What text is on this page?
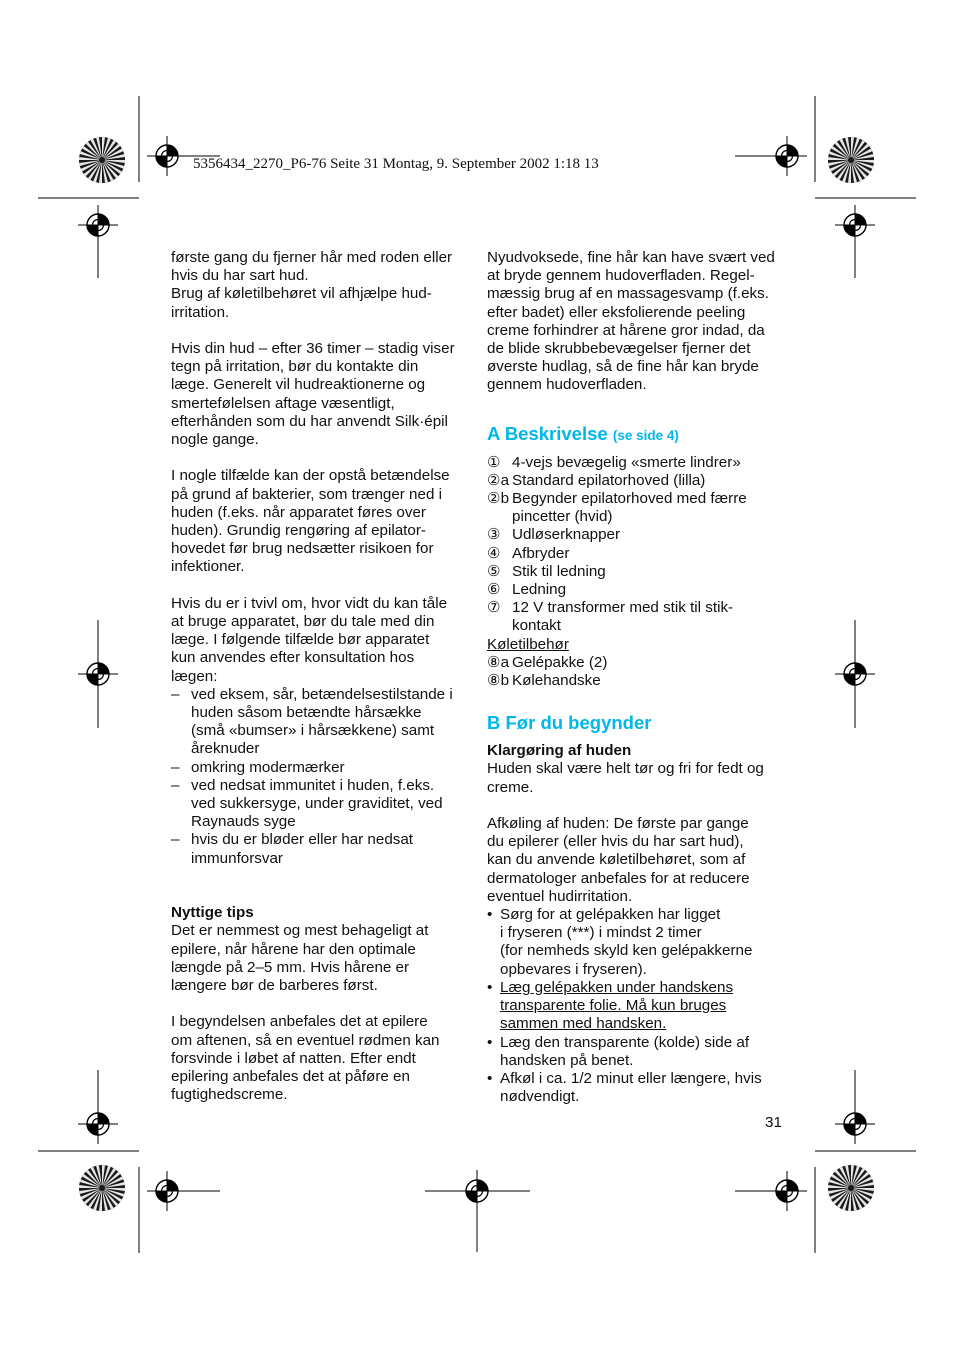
5356434_2270_P6-76 Seite 31 Montag, 9. September 2002 1:18 13

første gang du fjerner hår med roden eller
hvis du har sart hud.
Brug af køletilbehøret vil afhjælpe hud-
irritation.

Hvis din hud – efter 36 timer – stadig viser
tegn på irritation, bør du kontakte din
læge. Generelt vil hudreaktionerne og
smertefølelsen aftage væsentligt,
efterhånden som du har anvendt Silk·épil
nogle gange.

I nogle tilfælde kan der opstå betændelse
på grund af bakterier, som trænger ned i
huden (f.eks. når apparatet føres over
huden). Grundig rengøring af epilator-
hovedet før brug nedsætter risikoen for
infektioner.

Hvis du er i tvivl om, hvor vidt du kan tåle
at bruge apparatet, bør du tale med din
læge. I følgende tilfælde bør apparatet
kun anvendes efter konsultation hos
lægen:

– ved eksem, sår, betændelsestilstande i
huden såsom betændte hårsække
(små «bumser» i hårsækkene) samt
åreknuder
– omkring modermærker
– ved nedsat immunitet i huden, f.eks.
ved sukkersyge, under graviditet, ved
Raynauds syge
– hvis du er bløder eller har nedsat
immunforsvar

Nyttige tips

Det er nemmest og mest behageligt at
epilere, når hårene har den optimale
længde på 2–5 mm. Hvis hårene er
længere bør de barberes først.

I begyndelsen anbefales det at epilere
om aftenen, så en eventuel rødmen kan
forsvinde i løbet af natten. Efter endt
epilering anbefales det at påføre en
fugtighedscreme.

Nyudvoksede, fine hår kan have svært ved
at bryde gennem hudoverfladen. Regel-
mæssig brug af en massagesvamp (f.eks.
efter badet) eller eksfolierende peeling
creme forhindrer at hårene gror indad, da
de blide skrubbebevægelser fjerner det
øverste hudlag, så de fine hår kan bryde
gennem hudoverfladen.

A Beskrivelse (se side 4)

① 4-vejs bevægelig «smerte lindrer»
②a Standard epilatorhoved (lilla)
②b Begynder epilatorhoved med færre
pincetter (hvid)
③ Udløserknapper
④ Afbryder
⑤ Stik til ledning
⑥ Ledning
⑦ 12 V transformer med stik til stik-
kontakt

Køletilbehør

⑧a Gelépakke (2)
⑧b Kølehandske

B Før du begynder

Klargøring af huden

Huden skal være helt tør og fri for fedt og
creme.

Afkøling af huden: De første par gange
du epilerer (eller hvis du har sart hud),
kan du anvende køletilbehøret, som af
dermatologer anbefales for at reducere
eventuel hudirritation.

• Sørg for at gelépakken har ligget
i fryseren (***) i mindst 2 timer
(for nemheds skyld ken gelépakkerne
opbevares i fryseren).
• Læg gelépakken under handskens
transparente folie. Må kun bruges
sammen med handsken.
• Læg den transparente (kolde) side af
handsken på benet.
• Afkøl i ca. 1/2 minut eller længere, hvis
nødvendigt.
31
